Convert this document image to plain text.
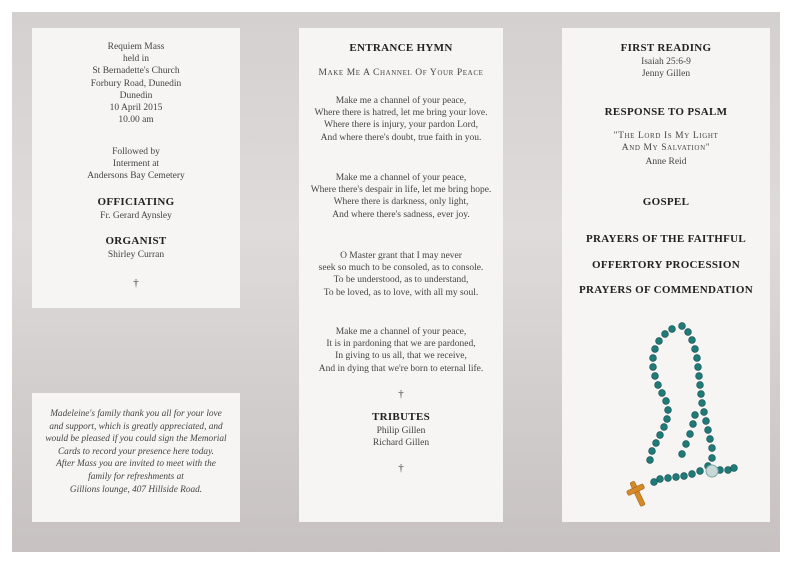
Requiem Mass
held in
St Bernadette's Church
Forbury Road, Dunedin
Dunedin
10 April 2015
10.00 am
Followed by
Interment at
Andersons Bay Cemetery
OFFICIATING
Fr. Gerard Aynsley
ORGANIST
Shirley Curran
†
Madeleine's family thank you all for your love
and support, which is greatly appreciated, and
would be pleased if you could sign the Memorial
Cards to record your presence here today.
After Mass you are invited to meet with the
family for refreshments at
Gillions lounge, 407 Hillside Road.
ENTRANCE HYMN
Make Me A Channel Of Your Peace
Make me a channel of your peace,
Where there is hatred, let me bring your love.
Where there is injury, your pardon Lord,
And where there's doubt, true faith in you.
Make me a channel of your peace,
Where there's despair in life, let me bring hope.
Where there is darkness, only light,
And where there's sadness, ever joy.
O Master grant that I may never
seek so much to be consoled, as to console.
To be understood, as to understand,
To be loved, as to love, with all my soul.
Make me a channel of your peace,
It is in pardoning that we are pardoned,
In giving to us all, that we receive,
And in dying that we're born to eternal life.
†
TRIBUTES
Philip Gillen
Richard Gillen
†
FIRST READING
Isaiah 25:6-9
Jenny Gillen
RESPONSE TO PSALM
"The Lord Is My Light
And My Salvation"
Anne Reid
GOSPEL
PRAYERS OF THE FAITHFUL
OFFERTORY PROCESSION
PRAYERS OF COMMENDATION
